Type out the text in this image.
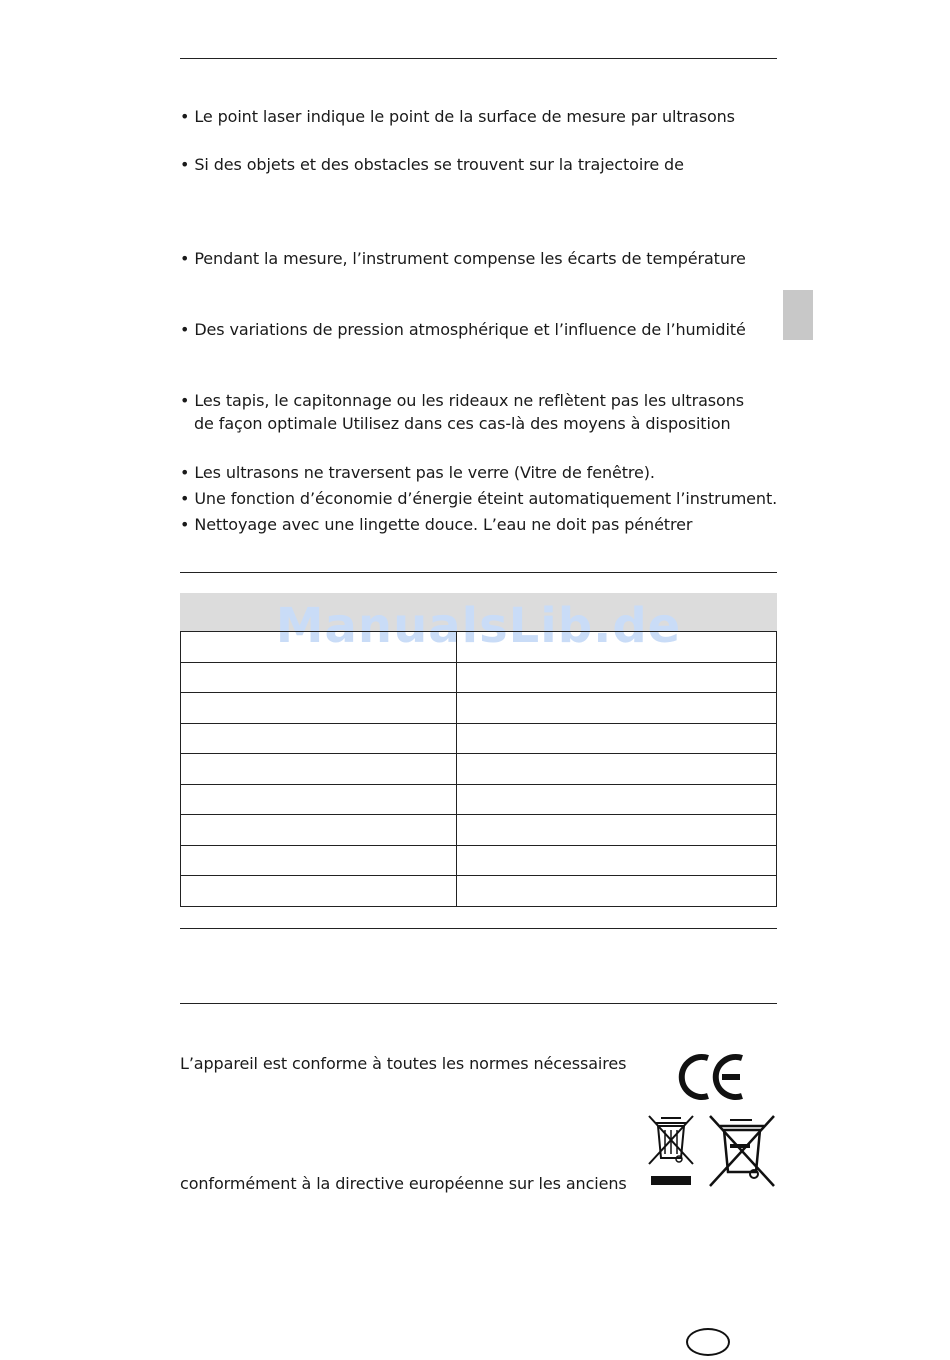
• Le point laser indique le point de la surface de mesure par ultrasons
• Si des objets et des obstacles se trouvent sur la trajectoire de
• Pendant la mesure, l’instrument compense les écarts de température
• Des variations de pression atmosphérique et l’influence de l’humidité
• Les tapis, le capitonnage ou les rideaux ne reflètent pas les ultrasons
de façon optimale Utilisez dans ces cas-là des moyens à disposition
• Les ultrasons ne traversent pas le verre (Vitre de fenêtre).
• Une fonction d’économie d’énergie éteint automatiquement l’instrument.
• Nettoyage avec une lingette douce. L’eau ne doit pas pénétrer
ManualsLib.de

L’appareil est conforme à toutes les normes nécessaires
conformément à la directive européenne sur les anciens
